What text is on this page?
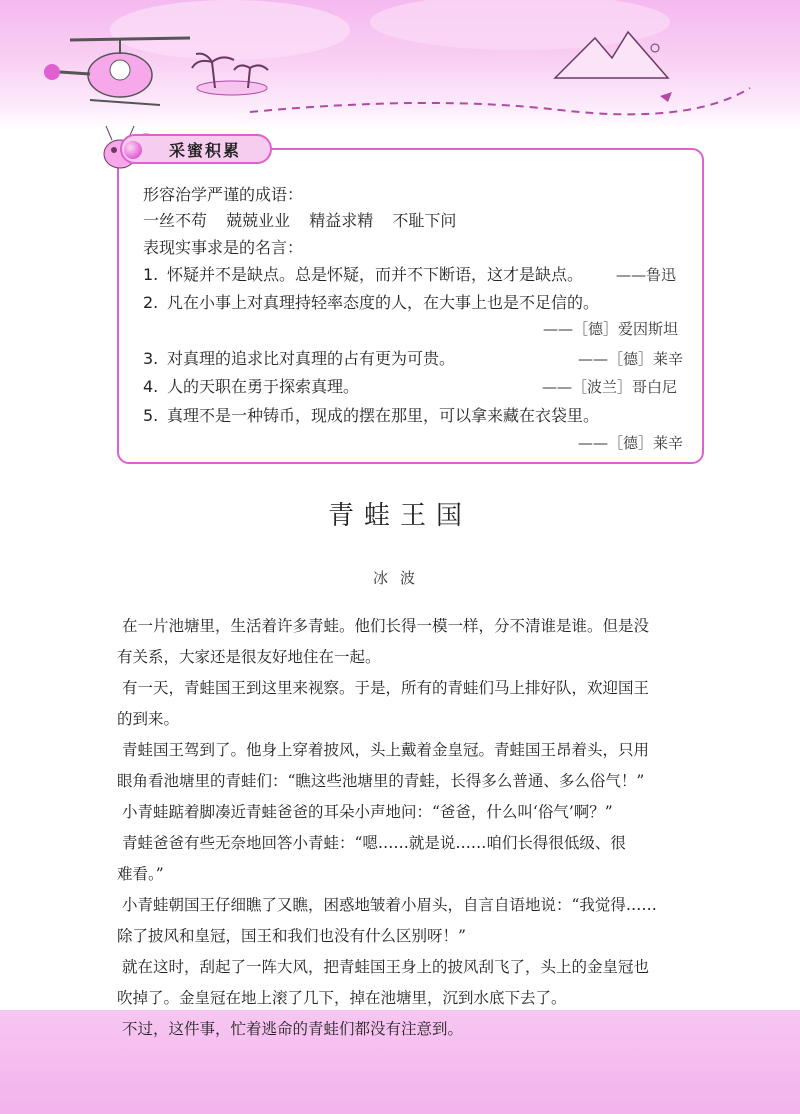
采蜜积累
形容治学严谨的成语：
一丝不苟 兢兢业业 精益求精 不耻下问
表现实事求是的名言：
1. 怀疑并不是缺点。总是怀疑，而并不下断语，这才是缺点。 ——鲁迅
2. 凡在小事上对真理持轻率态度的人，在大事上也是不足信的。
——［德］爱因斯坦
3. 对真理的追求比对真理的占有更为可贵。	——［德］莱辛
4. 人的天职在勇于探索真理。	——［波兰］哥白尼
5. 真理不是一种铸币，现成的摆在那里，可以拿来藏在衣袋里。
——［德］莱辛
青蛙王国
冰波
在一片池塘里，生活着许多青蛙。他们长得一模一样，分不清谁是谁。但是没
有关系，大家还是很友好地住在一起。
有一天，青蛙国王到这里来视察。于是，所有的青蛙们马上排好队，欢迎国王
的到来。
青蛙国王驾到了。他身上穿着披风，头上戴着金皇冠。青蛙国王昂着头，只用
眼角看池塘里的青蛙们：“瞧这些池塘里的青蛙，长得多么普通、多么俗气！”
小青蛙踮着脚凑近青蛙爸爸的耳朵小声地问：“爸爸，什么叫‘俗气’啊？”
青蛙爸爸有些无奈地回答小青蛙：“嗯……就是说……咱们长得很低级、很
难看。”
小青蛙朝国王仔细瞧了又瞧，困惑地皱着小眉头，自言自语地说：“我觉得……
除了披风和皇冠，国王和我们也没有什么区别呀！”
就在这时，刮起了一阵大风，把青蛙国王身上的披风刮飞了，头上的金皇冠也
吹掉了。金皇冠在地上滚了几下，掉在池塘里，沉到水底下去了。
不过，这件事，忙着逃命的青蛙们都没有注意到。
